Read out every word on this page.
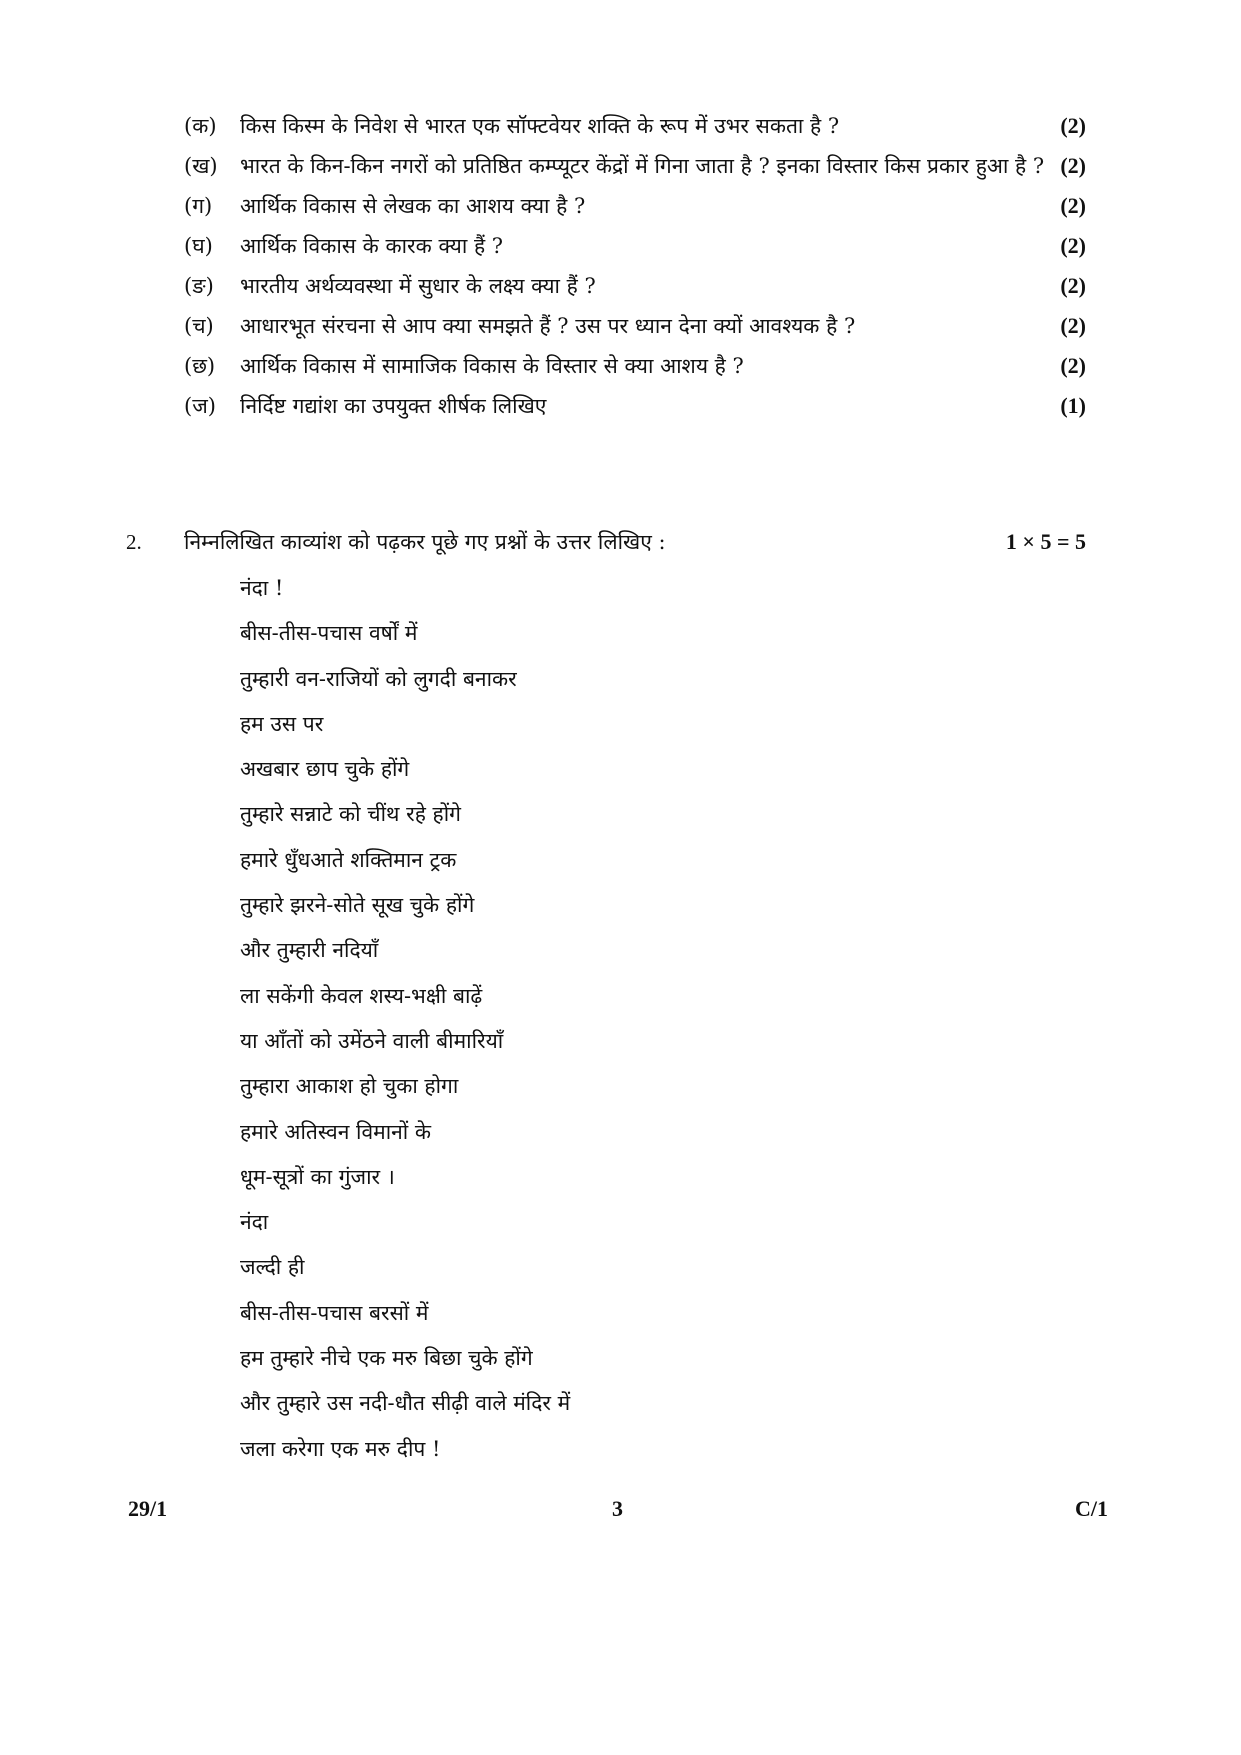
(क)	किस किस्म के निवेश से भारत एक सॉफ्टवेयर शक्ति के रूप में उभर सकता है ?	(2)
(ख)	भारत के किन-किन नगरों को प्रतिष्ठित कम्प्यूटर केंद्रों में गिना जाता है ? इनका विस्तार किस प्रकार हुआ है ? (2)
(ग)	आर्थिक विकास से लेखक का आशय क्या है ?	(2)
(घ)	आर्थिक विकास के कारक क्या हैं ?	(2)
(ङ)	भारतीय अर्थव्यवस्था में सुधार के लक्ष्य क्या हैं ?	(2)
(च)	आधारभूत संरचना से आप क्या समझते हैं ? उस पर ध्यान देना क्यों आवश्यक है ?	(2)
(छ)	आर्थिक विकास में सामाजिक विकास के विस्तार से क्या आशय है ?	(2)
(ज)	निर्दिष्ट गद्यांश का उपयुक्त शीर्षक लिखिए	(1)
2.	निम्नलिखित काव्यांश को पढ़कर पूछे गए प्रश्नों के उत्तर लिखिए :	1 × 5 = 5
नंदा !
बीस-तीस-पचास वर्षों में
तुम्हारी वन-राजियों को लुगदी बनाकर
हम उस पर
अखबार छाप चुके होंगे
तुम्हारे सन्नाटे को चींथ रहे होंगे
हमारे धुँधआते शक्तिमान ट्रक
तुम्हारे झरने-सोते सूख चुके होंगे
और तुम्हारी नदियाँ
ला सकेंगी केवल शस्य-भक्षी बाढ़ें
या आँतों को उमेंठने वाली बीमारियाँ
तुम्हारा आकाश हो चुका होगा
हमारे अतिस्वन विमानों के
धूम-सूत्रों का गुंजार ।
नंदा
जल्दी ही
बीस-तीस-पचास बरसों में
हम तुम्हारे नीचे एक मरु बिछा चुके होंगे
और तुम्हारे उस नदी-धौत सीढ़ी वाले मंदिर में
जला करेगा एक मरु दीप !
29/1	3	C/1
